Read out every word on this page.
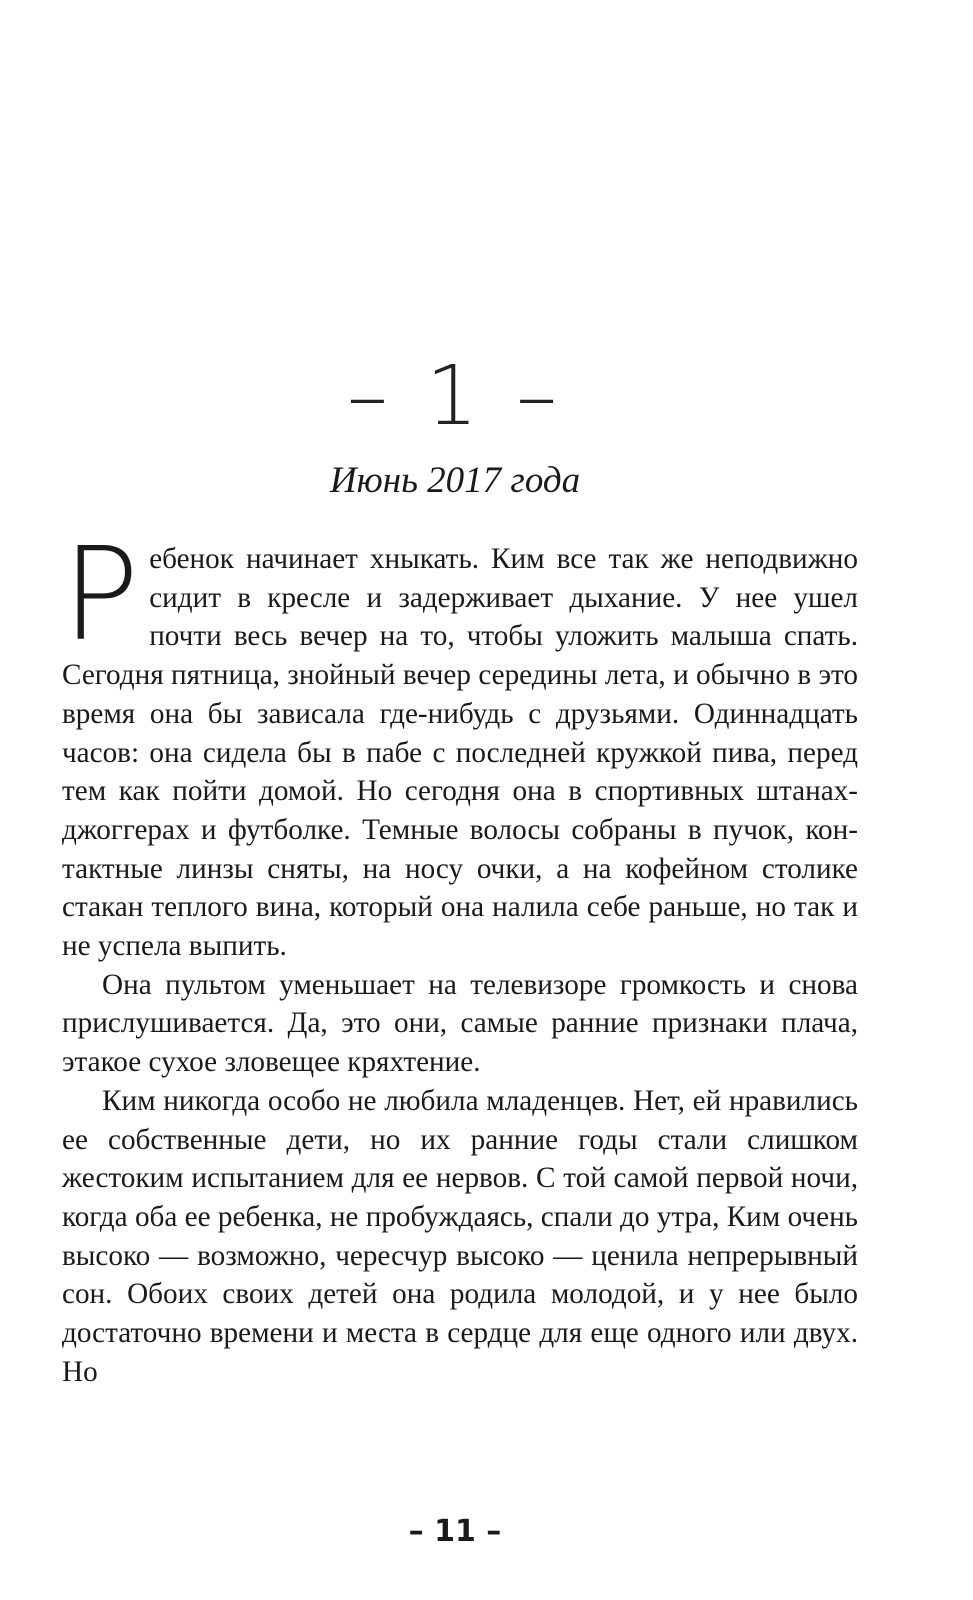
– 1 –
Июнь 2017 года

Ребенок начинает хныкать. Ким все так же неподвижно сидит в кресле и задерживает дыхание. У нее ушел почти весь вечер на то, чтобы уложить малыша спать. Сегодня пятница, знойный вечер середины лета, и обычно в это время она бы зависала где-нибудь с друзьями. Одиннадцать часов: она сидела бы в пабе с последней кружкой пива, перед тем как пойти домой. Но сегодня она в спортивных штанах-джоггерах и футболке. Темные волосы собраны в пучок, контактные линзы сняты, на носу очки, а на кофейном столике стакан теплого вина, который она налила себе раньше, но так и не успела выпить.

Она пультом уменьшает на телевизоре громкость и снова прислушивается. Да, это они, самые ранние признаки плача, этакое сухое зловещее кряхтение.

Ким никогда особо не любила младенцев. Нет, ей нравились ее собственные дети, но их ранние годы стали слишком жестоким испытанием для ее нервов. С той самой первой ночи, когда оба ее ребенка, не пробуждаясь, спали до утра, Ким очень высоко — возможно, чересчур высоко — ценила непрерывный сон. Обоих своих детей она родила молодой, и у нее было достаточно времени и места в сердце для еще одного или двух. Но

– 11 –
